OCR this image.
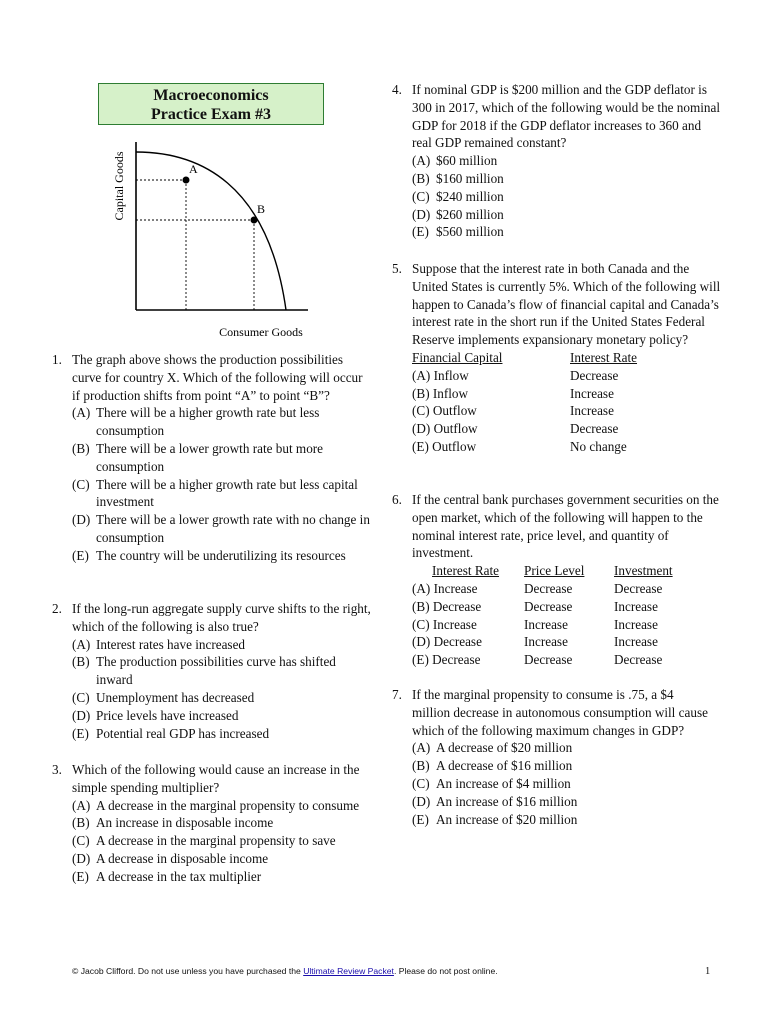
Macroeconomics
Practice Exam #3
A
B
Capital Goods
Consumer Goods
1. The graph above shows the production possibilities curve for country X. Which of the following will occur if production shifts from point “A” to point “B”?
(A) There will be a higher growth rate but less consumption
(B) There will be a lower growth rate but more consumption
(C) There will be a higher growth rate but less capital investment
(D) There will be a lower growth rate with no change in consumption
(E) The country will be underutilizing its resources
2. If the long-run aggregate supply curve shifts to the right, which of the following is also true?
(A) Interest rates have increased
(B) The production possibilities curve has shifted inward
(C) Unemployment has decreased
(D) Price levels have increased
(E) Potential real GDP has increased
3. Which of the following would cause an increase in the simple spending multiplier?
(A) A decrease in the marginal propensity to consume
(B) An increase in disposable income
(C) A decrease in the marginal propensity to save
(D) A decrease in disposable income
(E) A decrease in the tax multiplier
4. If nominal GDP is $200 million and the GDP deflator is 300 in 2017, which of the following would be the nominal GDP for 2018 if the GDP deflator increases to 360 and real GDP remained constant?
(A) $60 million
(B) $160 million
(C) $240 million
(D) $260 million
(E) $560 million
5. Suppose that the interest rate in both Canada and the United States is currently 5%. Which of the following will happen to Canada’s flow of financial capital and Canada’s interest rate in the short run if the United States Federal Reserve implements expansionary monetary policy?
Financial Capital	Interest Rate
(A) Inflow	Decrease
(B) Inflow	Increase
(C) Outflow	Increase
(D) Outflow	Decrease
(E) Outflow	No change
6. If the central bank purchases government securities on the open market, which of the following will happen to the nominal interest rate, price level, and quantity of investment.
Interest Rate	Price Level	Investment
(A) Increase	Decrease	Decrease
(B) Decrease	Decrease	Increase
(C) Increase	Increase	Increase
(D) Decrease	Increase	Increase
(E) Decrease	Decrease	Decrease
7. If the marginal propensity to consume is .75, a $4 million decrease in autonomous consumption will cause which of the following maximum changes in GDP?
(A) A decrease of $20 million
(B) A decrease of $16 million
(C) An increase of $4 million
(D) An increase of $16 million
(E) An increase of $20 million
© Jacob Clifford. Do not use unless you have purchased the Ultimate Review Packet. Please do not post online.	1
